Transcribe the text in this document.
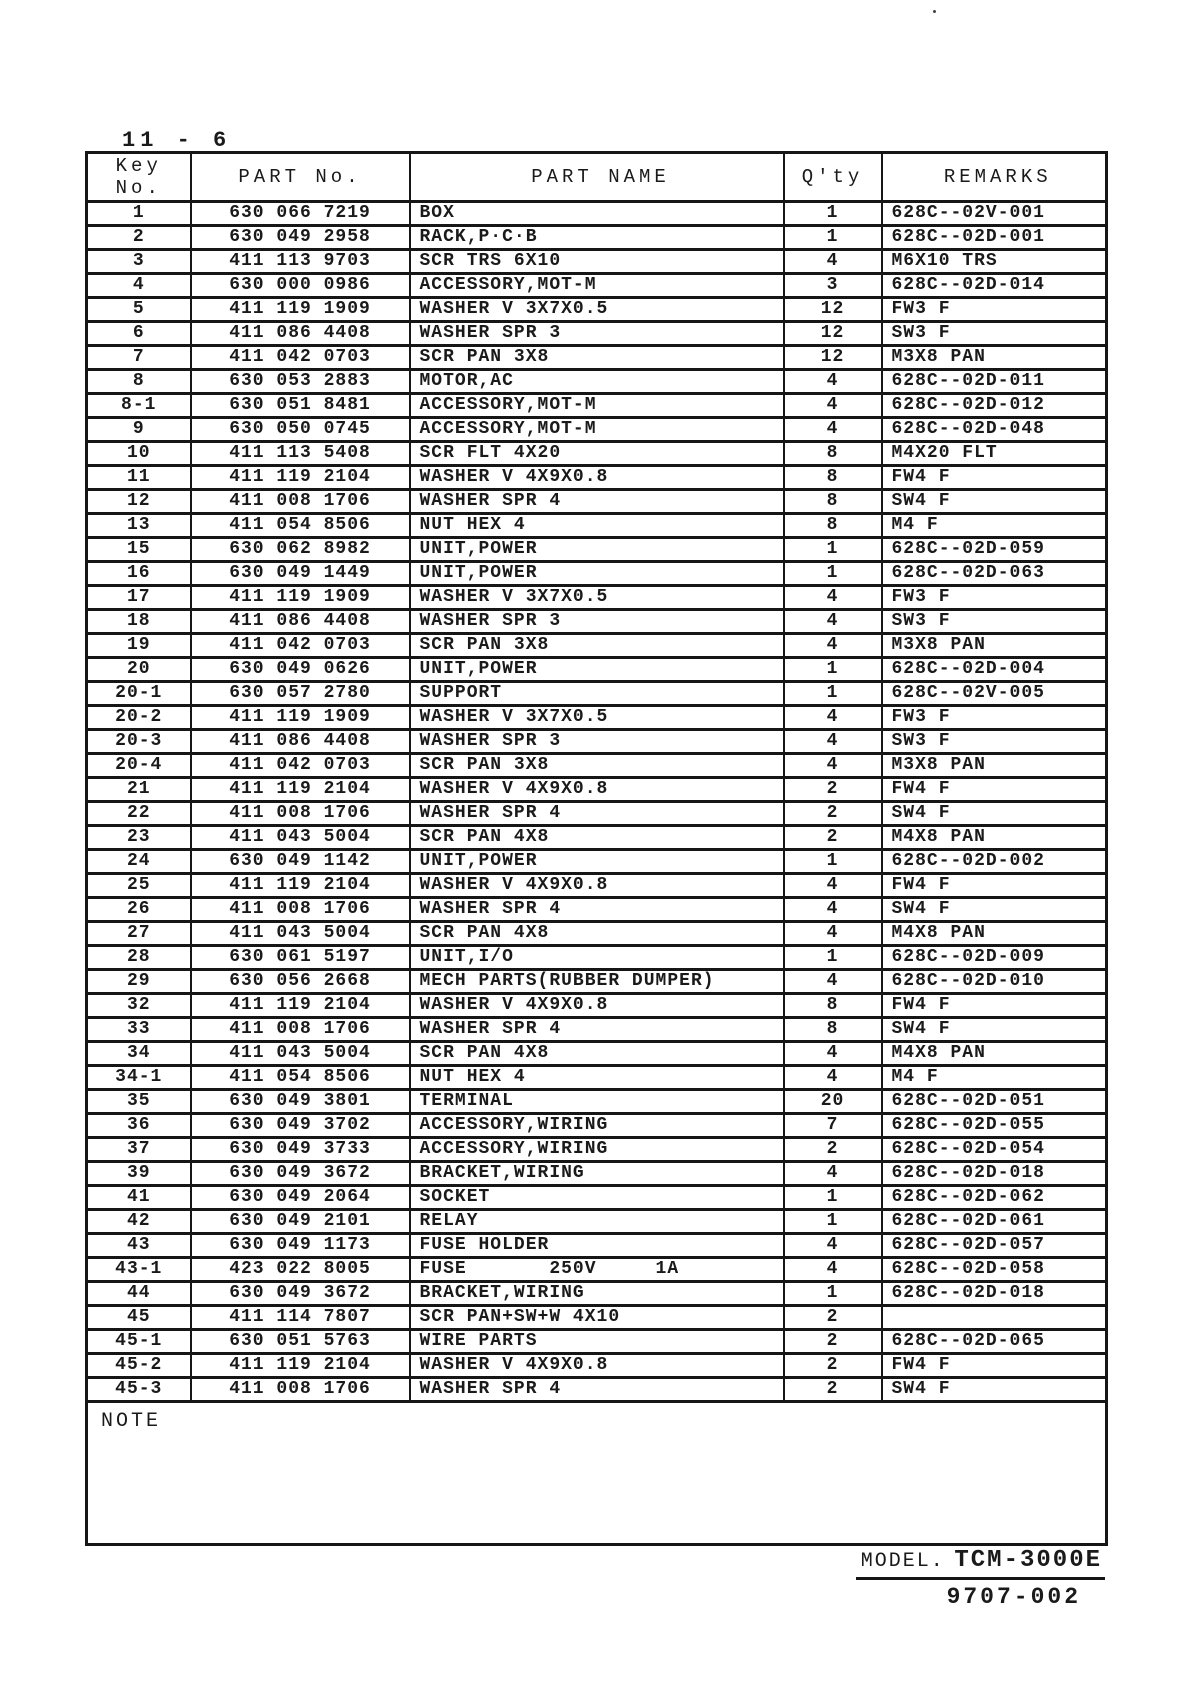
11 - 6
Key No.	PART No.	PART NAME	Q'ty	REMARKS
1	630 066 7219	BOX	1	628C--02V-001
2	630 049 2958	RACK,P·C·B	1	628C--02D-001
3	411 113 9703	SCR TRS 6X10	4	M6X10 TRS
4	630 000 0986	ACCESSORY,MOT-M	3	628C--02D-014
5	411 119 1909	WASHER V 3X7X0.5	12	FW3 F
6	411 086 4408	WASHER SPR 3	12	SW3 F
7	411 042 0703	SCR PAN 3X8	12	M3X8 PAN
8	630 053 2883	MOTOR,AC	4	628C--02D-011
8-1	630 051 8481	ACCESSORY,MOT-M	4	628C--02D-012
9	630 050 0745	ACCESSORY,MOT-M	4	628C--02D-048
10	411 113 5408	SCR FLT 4X20	8	M4X20 FLT
11	411 119 2104	WASHER V 4X9X0.8	8	FW4 F
12	411 008 1706	WASHER SPR 4	8	SW4 F
13	411 054 8506	NUT HEX 4	8	M4 F
15	630 062 8982	UNIT,POWER	1	628C--02D-059
16	630 049 1449	UNIT,POWER	1	628C--02D-063
17	411 119 1909	WASHER V 3X7X0.5	4	FW3 F
18	411 086 4408	WASHER SPR 3	4	SW3 F
19	411 042 0703	SCR PAN 3X8	4	M3X8 PAN
20	630 049 0626	UNIT,POWER	1	628C--02D-004
20-1	630 057 2780	SUPPORT	1	628C--02V-005
20-2	411 119 1909	WASHER V 3X7X0.5	4	FW3 F
20-3	411 086 4408	WASHER SPR 3	4	SW3 F
20-4	411 042 0703	SCR PAN 3X8	4	M3X8 PAN
21	411 119 2104	WASHER V 4X9X0.8	2	FW4 F
22	411 008 1706	WASHER SPR 4	2	SW4 F
23	411 043 5004	SCR PAN 4X8	2	M4X8 PAN
24	630 049 1142	UNIT,POWER	1	628C--02D-002
25	411 119 2104	WASHER V 4X9X0.8	4	FW4 F
26	411 008 1706	WASHER SPR 4	4	SW4 F
27	411 043 5004	SCR PAN 4X8	4	M4X8 PAN
28	630 061 5197	UNIT,I/O	1	628C--02D-009
29	630 056 2668	MECH PARTS(RUBBER DUMPER)	4	628C--02D-010
32	411 119 2104	WASHER V 4X9X0.8	8	FW4 F
33	411 008 1706	WASHER SPR 4	8	SW4 F
34	411 043 5004	SCR PAN 4X8	4	M4X8 PAN
34-1	411 054 8506	NUT HEX 4	4	M4 F
35	630 049 3801	TERMINAL	20	628C--02D-051
36	630 049 3702	ACCESSORY,WIRING	7	628C--02D-055
37	630 049 3733	ACCESSORY,WIRING	2	628C--02D-054
39	630 049 3672	BRACKET,WIRING	4	628C--02D-018
41	630 049 2064	SOCKET	1	628C--02D-062
42	630 049 2101	RELAY	1	628C--02D-061
43	630 049 1173	FUSE HOLDER	4	628C--02D-057
43-1	423 022 8005	FUSE       250V     1A	4	628C--02D-058
44	630 049 3672	BRACKET,WIRING	1	628C--02D-018
45	411 114 7807	SCR PAN+SW+W 4X10	2	
45-1	630 051 5763	WIRE PARTS	2	628C--02D-065
45-2	411 119 2104	WASHER V 4X9X0.8	2	FW4 F
45-3	411 008 1706	WASHER SPR 4	2	SW4 F
NOTE				
MODEL. TCM-3000E
9707-002
